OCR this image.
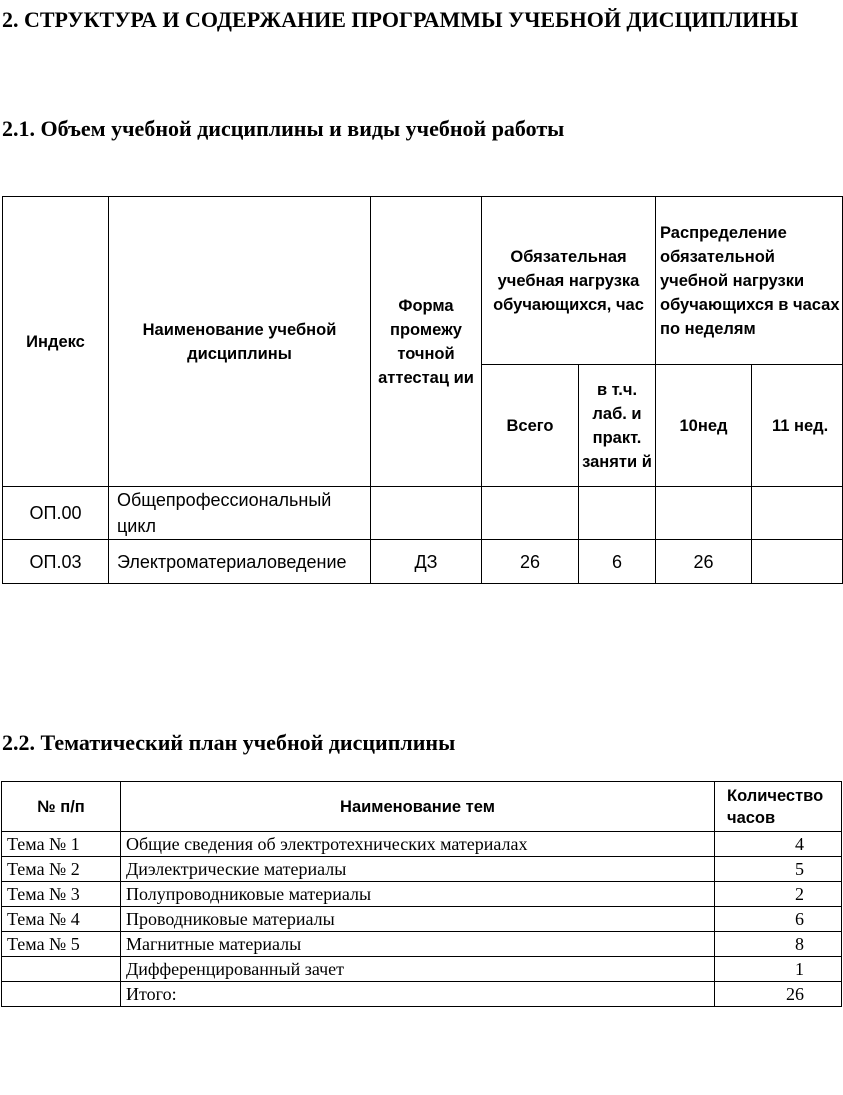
2. СТРУКТУРА И СОДЕРЖАНИЕ ПРОГРАММЫ УЧЕБНОЙ ДИСЦИПЛИНЫ
2.1. Объем учебной дисциплины и виды учебной работы
Индекс	Наименование учебной дисциплины	Форма промежу точной аттестац ии	Обязательная учебная нагрузка обучающихся, час		Распределение обязательной учебной нагрузки обучающихся в часах по неделям	
			Всего	в т.ч. лаб. и практ. заняти й	10нед	11 нед.
ОП.00	Общепрофессиональный цикл					
ОП.03	Электроматериаловедение	ДЗ	26	6	26	
2.2. Тематический план учебной дисциплины
№ п/п	Наименование тем	Количество часов
Тема № 1	Общие сведения об электротехнических материалах	4
Тема № 2	Диэлектрические материалы	5
Тема № 3	Полупроводниковые материалы	2
Тема № 4	Проводниковые материалы	6
Тема № 5	Магнитные материалы	8
	Дифференцированный зачет	1
	Итого:	26
